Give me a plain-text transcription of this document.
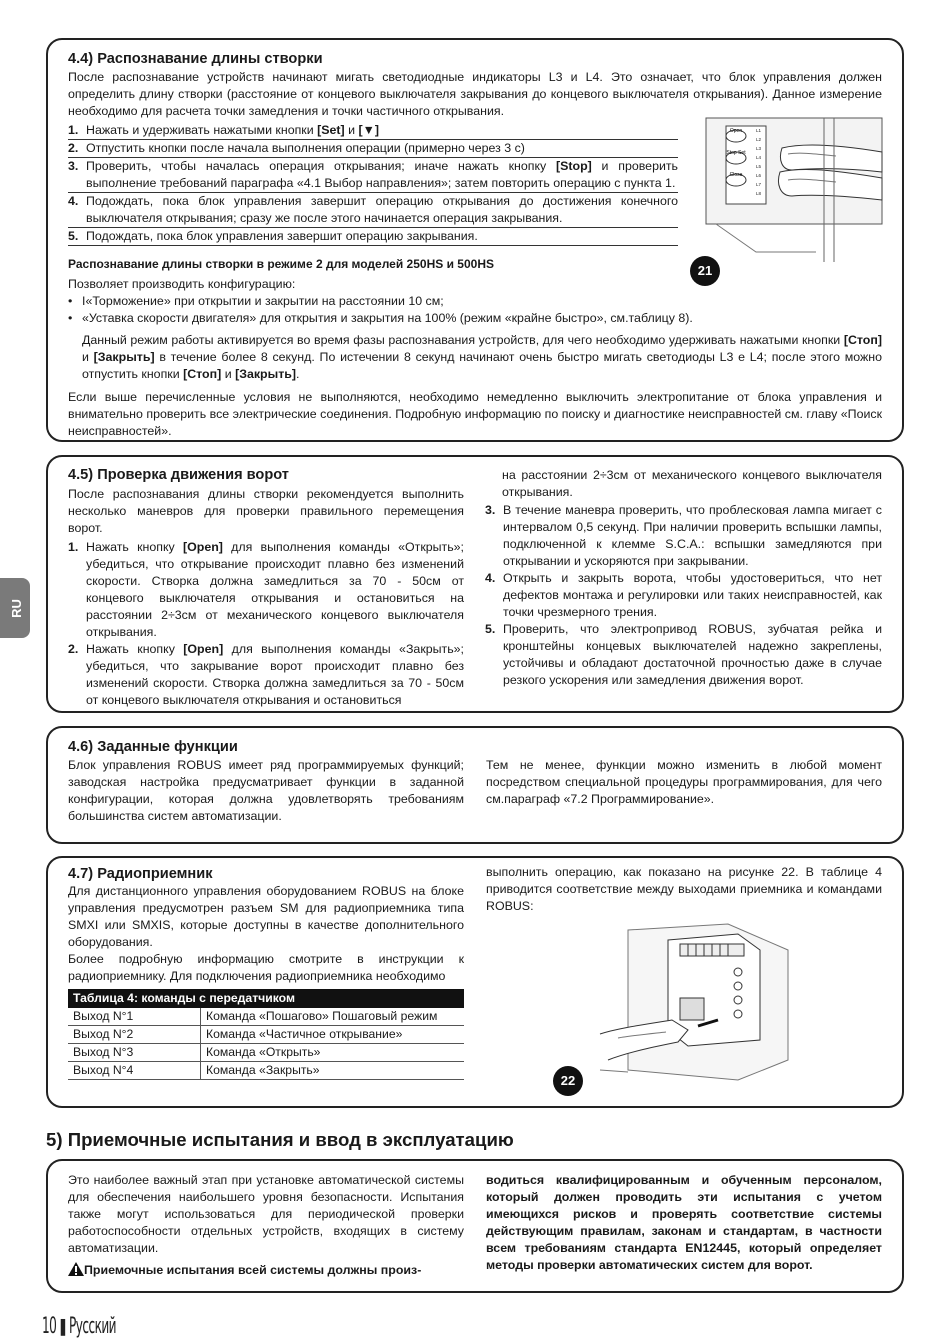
4.4) Распознавание длины створки

После распознавание устройств начинают мигать светодиодные индикаторы L3 и L4. Это означает, что блок управления должен определить длину створки (расстояние от концевого выключателя закрывания до концевого выключателя открывания). Данное измерение необходимо для расчета точки замедления и точки частичного открывания.

1. Нажать и удерживать нажатыми кнопки [Set] и [▼]
2. Отпустить кнопки после начала выполнения операции (примерно через 3 с)
3. Проверить, чтобы началась операция открывания; иначе нажать кнопку [Stop] и проверить выполнение требований параграфа «4.1 Выбор направления»; затем повторить операцию с пункта 1.
4. Подождать, пока блок управления завершит операцию открывания до достижения конечного выключателя открывания; сразу же после этого начинается операция закрывания.
5. Подождать, пока блок управления завершит операцию закрывания.
Open
Stop Set
Close
L1
L2
L3
L4
L5
L6
L7
L8
21

Распознавание длины створки в режиме 2 для моделей 250HS и 500HS

Позволяет производить конфигурацию:

• I«Торможение» при открытии и закрытии на расстоянии 10 см;
• «Уставка скорости двигателя» для открытия и закрытия на 100% (режим «крайне быстро», см.таблицу 8).

Данный режим работы активируется во время фазы распознавания устройств, для чего необходимо удерживать нажатыми кнопки [Стоп] и [Закрыть] в течение более 8 секунд. По истечении 8 секунд начинают очень быстро мигать светодиоды L3 e L4; после этого можно отпустить кнопки [Стоп] и [Закрыть].

Если выше перечисленные условия не выполняются, необходимо немедленно выключить электропитание от блока управления и внимательно проверить все электрические соединения. Подробную информацию по поиску и диагностике неисправностей см. главу «Поиск неисправностей».

RU
4.5) Проверка движения ворот

После распознавания длины створки рекомендуется выполнить несколько маневров для проверки правильного перемещения ворот.

1. Нажать кнопку [Open] для выполнения команды «Открыть»; убедиться, что открывание происходит плавно без изменений скорости. Створка должна замедлиться за 70 - 50см от концевого выключателя открывания и остановиться на расстоянии 2÷3см от механического концевого выключателя открывания.
2. Нажать кнопку [Open] для выполнения команды «Закрыть»; убедиться, что закрывание ворот происходит плавно без изменений скорости. Створка должна замедлиться за 70 - 50см от концевого выключателя открывания и остановиться

на расстоянии 2÷3см от механического концевого выключателя открывания.

3. В течение маневра проверить, что проблесковая лампа мигает с интервалом 0,5 секунд. При наличии проверить вспышки лампы, подключенной к клемме S.C.A.: вспышки замедляются при открывании и ускоряются при закрывании.
4. Открыть и закрыть ворота, чтобы удостовериться, что нет дефектов монтажа и регулировки или таких неисправностей, как точки чрезмерного трения.
5. Проверить, что электропривод ROBUS, зубчатая рейка и кронштейны концевых выключателей надежно закреплены, устойчивы и обладают достаточной прочностью даже в случае резкого ускорения или замедления движения ворот.
4.6) Заданные функции

Блок управления ROBUS имеет ряд программируемых функций; заводская настройка предусматривает функции в заданной конфигурации, которая должна удовлетворять требованиям большинства систем автоматизации.

Тем не менее, функции можно изменить в любой момент посредством специальной процедуры программирования, для чего см.параграф «7.2 Программирование».

4.7) Радиоприемник

Для дистанционного управления оборудованием ROBUS на блоке управления предусмотрен разъем SM для радиоприемника типа SMXI или SMXIS, которые доступны в качестве дополнительного оборудования.

Более подробную информацию смотрите в инструкции к радиоприемнику. Для подключения радиоприемника необходимо

выполнить операцию, как показано на рисунке 22. В таблице 4 приводится соответствие между выходами приемника и командами ROBUS:

Таблица 4: команды с передатчиком	
Выход N°1	Команда «Пошагово» Пошаговый режим
Выход N°2	Команда «Частичное открывание»
Выход N°3	Команда «Открыть»
Выход N°4	Команда «Закрыть»
22
5) Приемочные испытания и ввод в эксплуатацию

Это наиболее важный этап при установке автоматической системы для обеспечения наибольшего уровня безопасности. Испытания также могут использоваться для периодической проверки работоспособности отдельных устройств, входящих в систему автоматизации.

Приемочные испытания всей системы должны произ-

водиться квалифицированным и обученным персоналом, который должен проводить эти испытания с учетом имеющихся рисков и проверять соответствие системы действующим правилам, законам и стандартам, в частности всем требованиям стандарта EN12445, который определяет методы проверки автоматических систем для ворот.

10 ▮ Русский
